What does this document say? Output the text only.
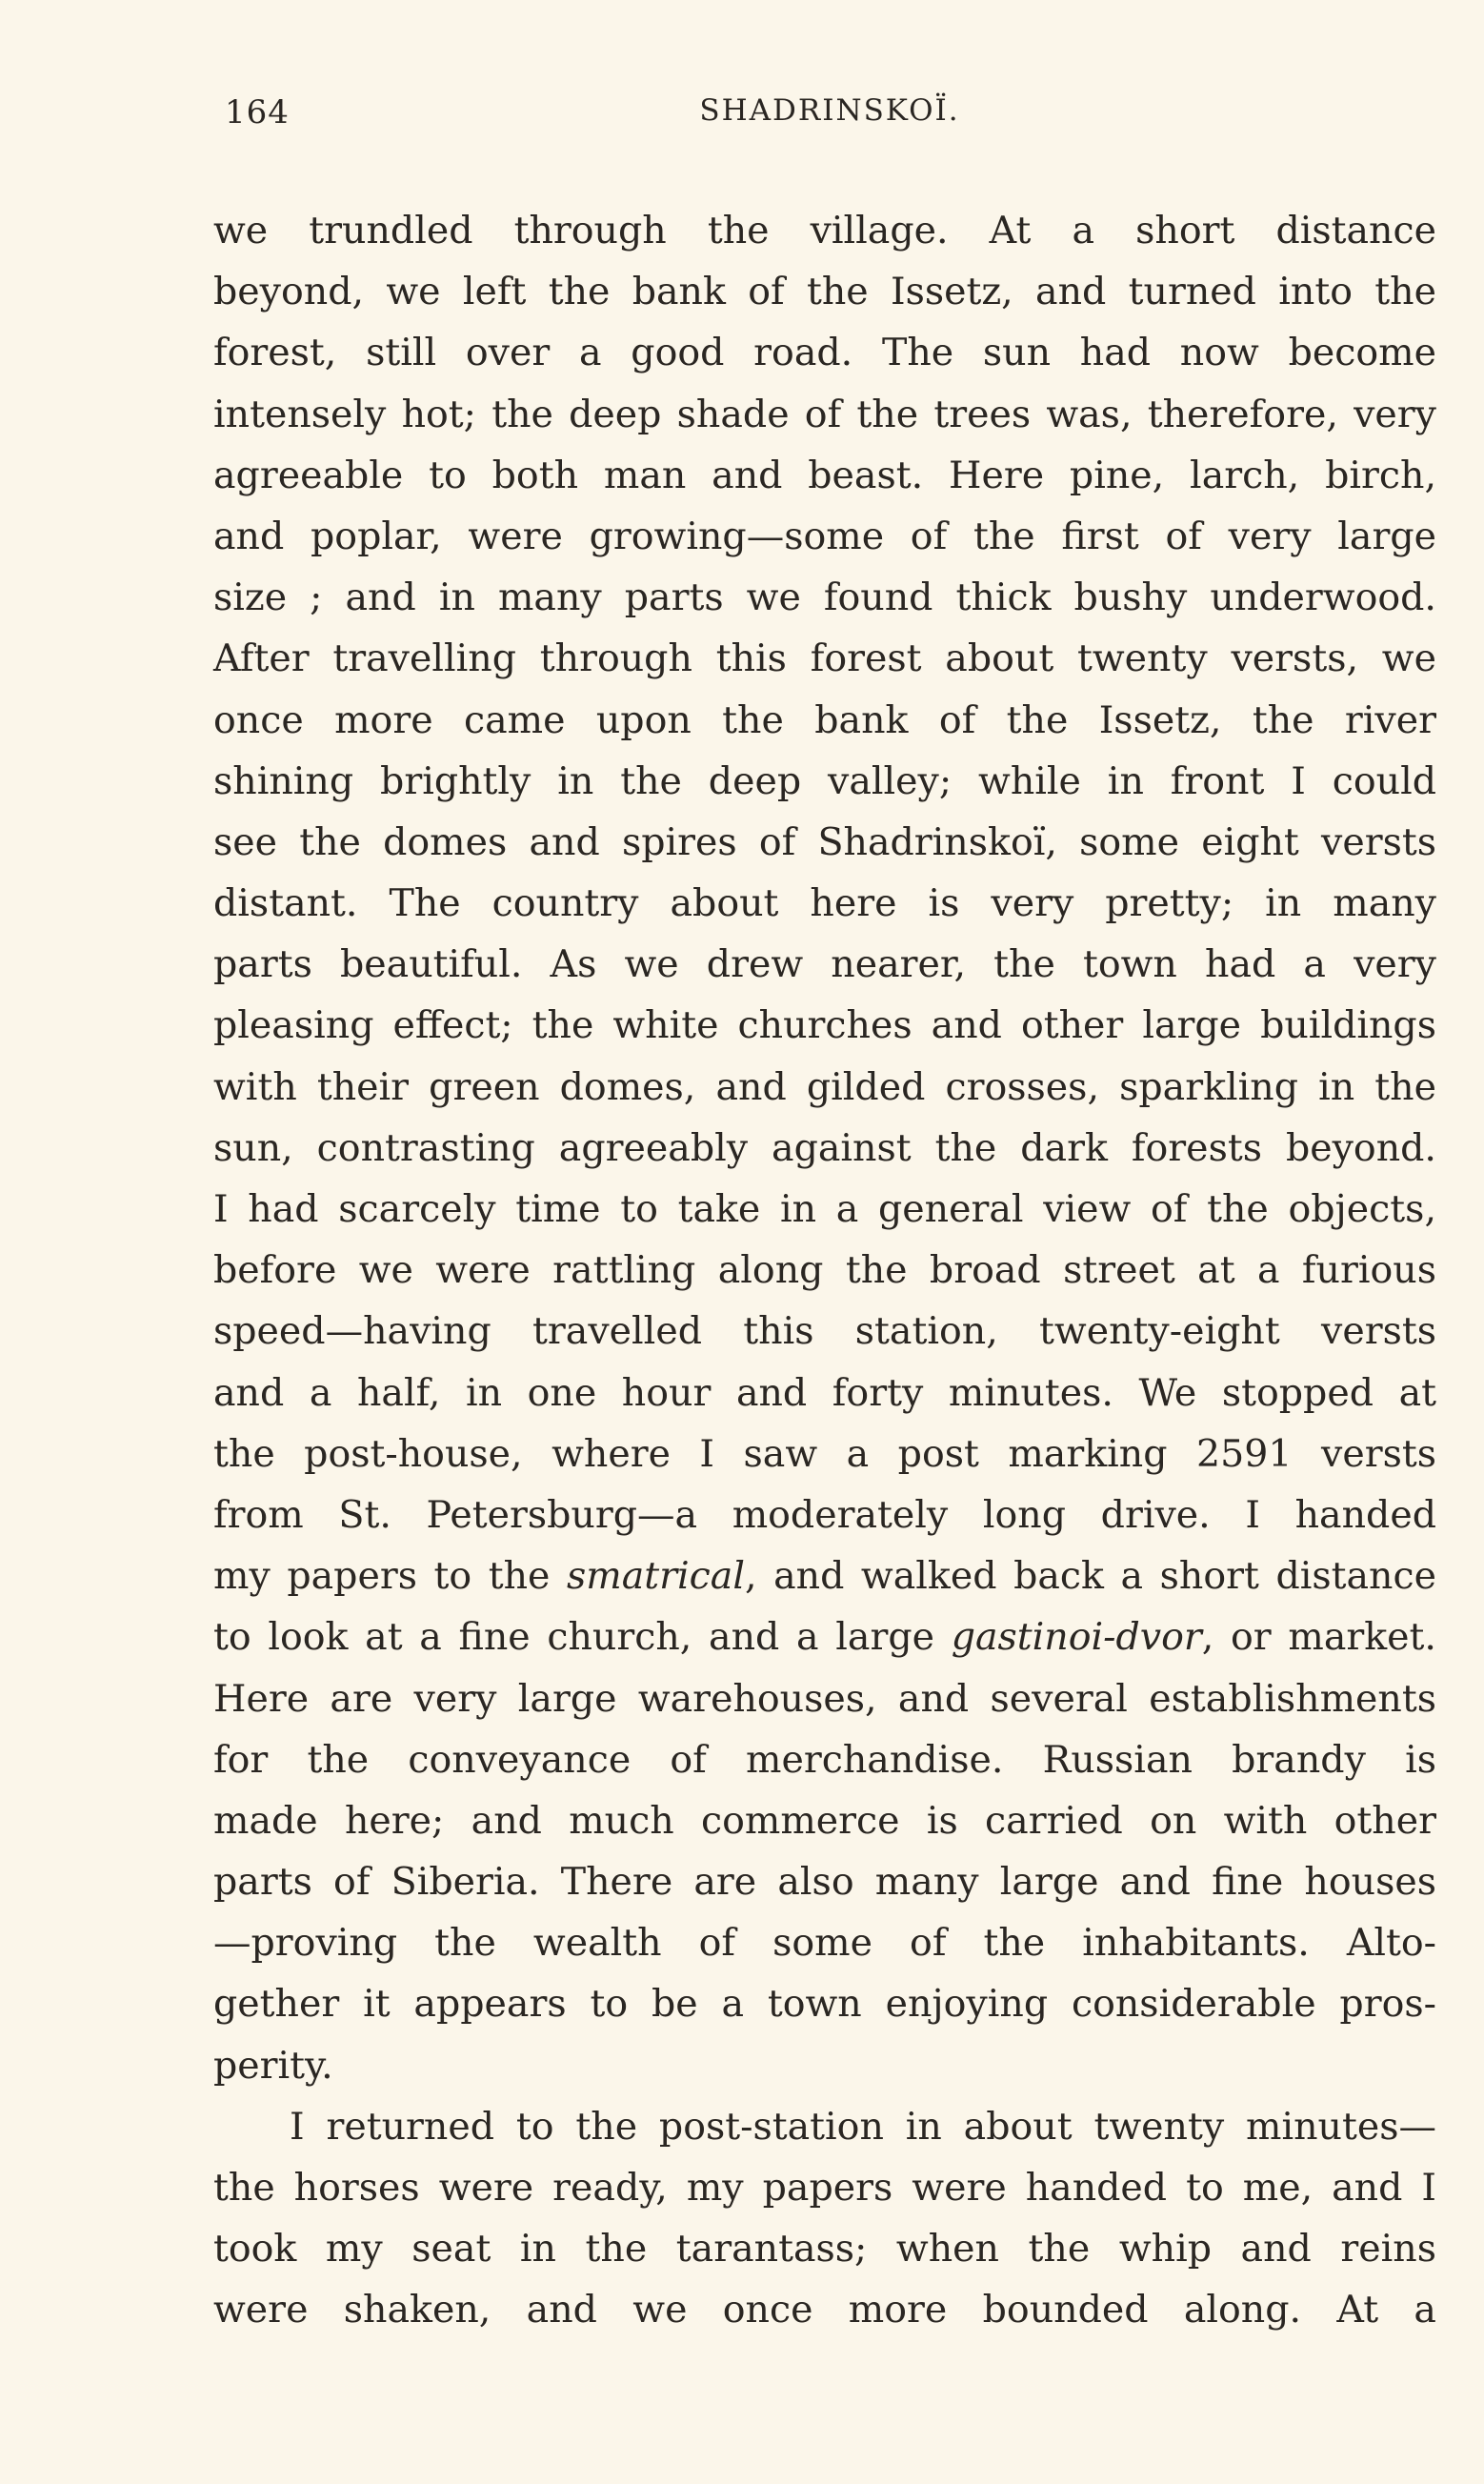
164	SHADRINSKOÏ.
we trundled through the village. At a short distance
beyond, we left the bank of the Issetz, and turned into the
forest, still over a good road. The sun had now become
intensely hot; the deep shade of the trees was, therefore, very
agreeable to both man and beast. Here pine, larch, birch,
and poplar, were growing—some of the first of very large
size ; and in many parts we found thick bushy underwood.
After travelling through this forest about twenty versts, we
once more came upon the bank of the Issetz, the river
shining brightly in the deep valley; while in front I could
see the domes and spires of Shadrinskoï, some eight versts
distant. The country about here is very pretty; in many
parts beautiful. As we drew nearer, the town had a very
pleasing effect; the white churches and other large buildings
with their green domes, and gilded crosses, sparkling in the
sun, contrasting agreeably against the dark forests beyond.
I had scarcely time to take in a general view of the objects,
before we were rattling along the broad street at a furious
speed—having travelled this station, twenty-eight versts
and a half, in one hour and forty minutes. We stopped at
the post-house, where I saw a post marking 2591 versts
from St. Petersburg—a moderately long drive. I handed
my papers to the smatrical, and walked back a short distance
to look at a fine church, and a large gastinoi-dvor, or market.
Here are very large warehouses, and several establishments
for the conveyance of merchandise. Russian brandy is
made here; and much commerce is carried on with other
parts of Siberia. There are also many large and fine houses
—proving the wealth of some of the inhabitants. Alto-
gether it appears to be a town enjoying considerable pros-
perity.
I returned to the post-station in about twenty minutes—
the horses were ready, my papers were handed to me, and I
took my seat in the tarantass; when the whip and reins
were shaken, and we once more bounded along. At a
